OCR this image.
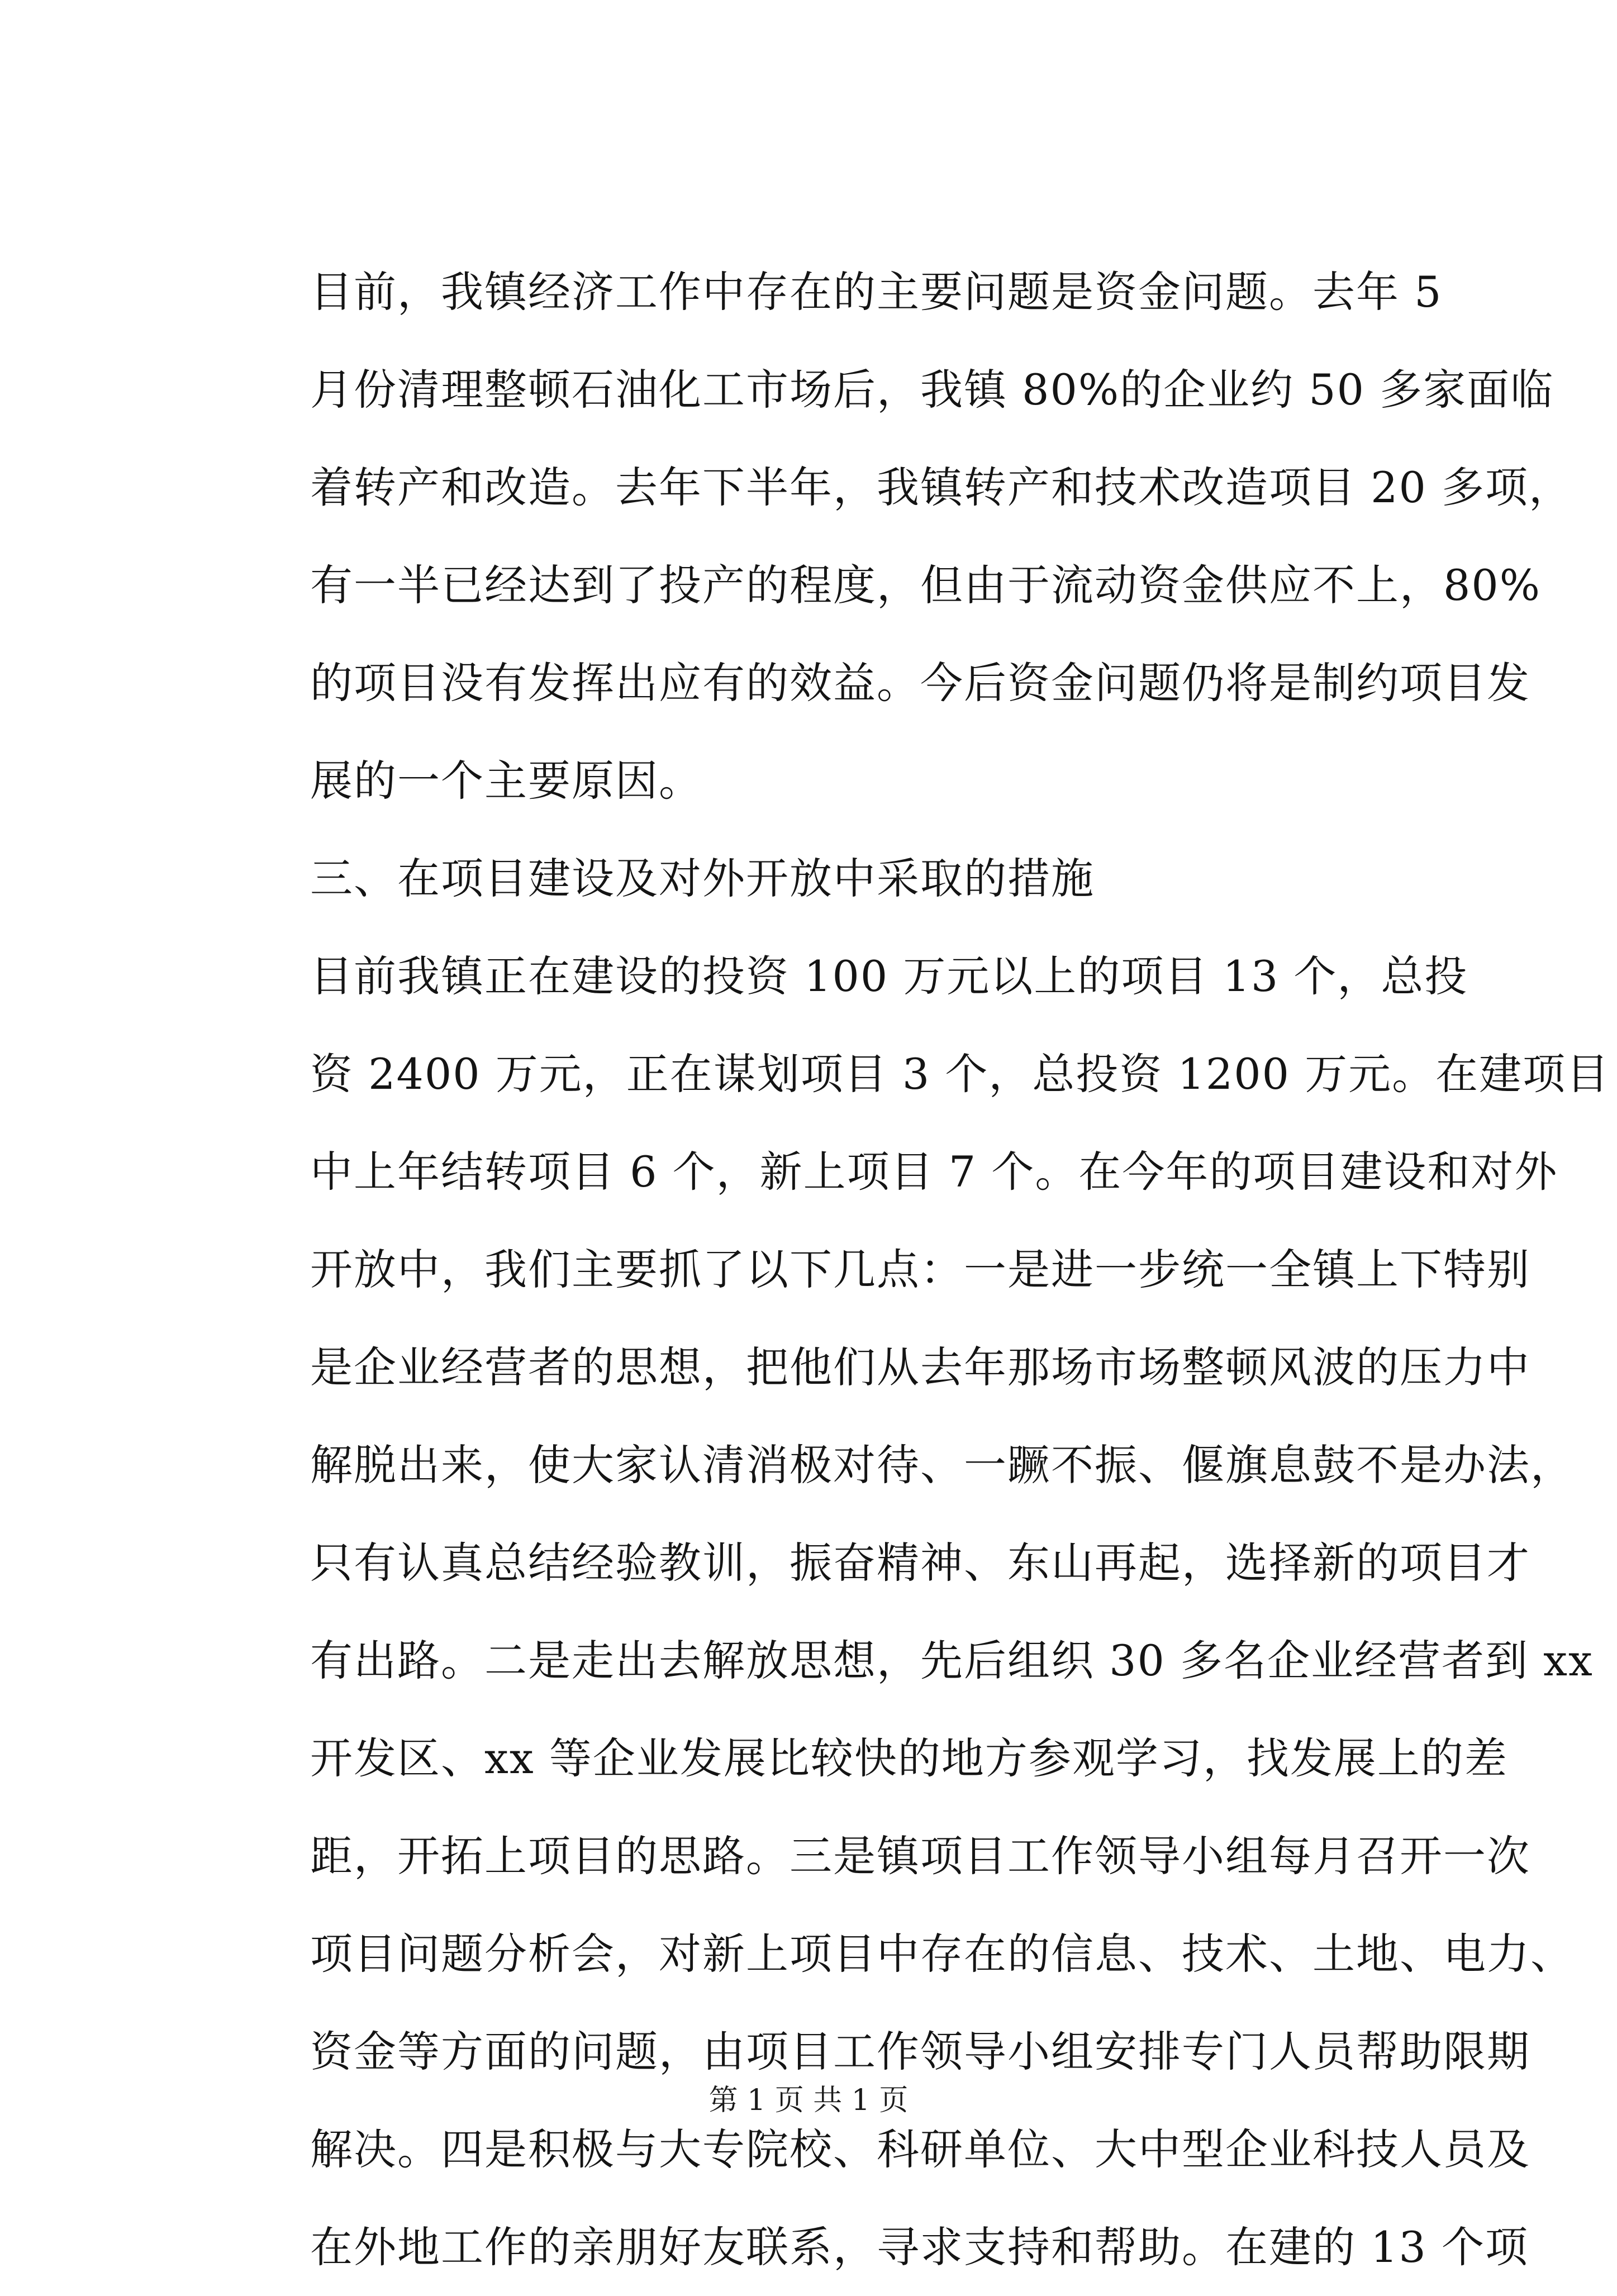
目前，我镇经济工作中存在的主要问题是资金问题。去年 5
月份清理整顿石油化工市场后，我镇 80%的企业约 50 多家面临
着转产和改造。去年下半年，我镇转产和技术改造项目 20 多项，
有一半已经达到了投产的程度，但由于流动资金供应不上，80%
的项目没有发挥出应有的效益。今后资金问题仍将是制约项目发
展的一个主要原因。
三、在项目建设及对外开放中采取的措施
目前我镇正在建设的投资 100 万元以上的项目 13 个，总投
资 2400 万元，正在谋划项目 3 个，总投资 1200 万元。在建项目
中上年结转项目 6 个，新上项目 7 个。在今年的项目建设和对外
开放中，我们主要抓了以下几点：一是进一步统一全镇上下特别
是企业经营者的思想，把他们从去年那场市场整顿风波的压力中
解脱出来，使大家认清消极对待、一蹶不振、偃旗息鼓不是办法，
只有认真总结经验教训，振奋精神、东山再起，选择新的项目才
有出路。二是走出去解放思想，先后组织 30 多名企业经营者到 xx
开发区、xx 等企业发展比较快的地方参观学习，找发展上的差
距，开拓上项目的思路。三是镇项目工作领导小组每月召开一次
项目问题分析会，对新上项目中存在的信息、技术、土地、电力、
资金等方面的问题，由项目工作领导小组安排专门人员帮助限期
解决。四是积极与大专院校、科研单位、大中型企业科技人员及
在外地工作的亲朋好友联系，寻求支持和帮助。在建的 13 个项
第 1 页 共 1 页
